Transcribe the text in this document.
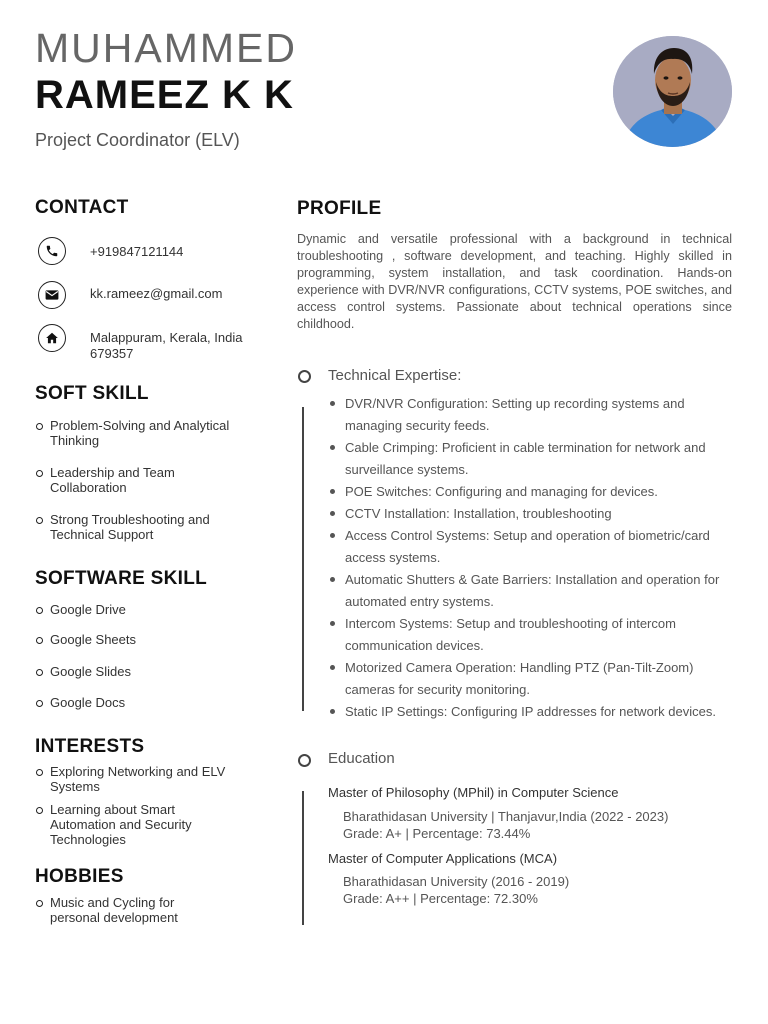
MUHAMMED
RAMEEZ K K
Project Coordinator (ELV)
CONTACT
+919847121144
kk.rameez@gmail.com
Malappuram, Kerala, India 679357
SOFT SKILL
Problem-Solving and Analytical Thinking
Leadership and Team Collaboration
Strong Troubleshooting and Technical Support
SOFTWARE SKILL
Google Drive
Google Sheets
Google Slides
Google Docs
INTERESTS
Exploring Networking and ELV Systems
Learning about Smart Automation and Security Technologies
HOBBIES
Music and Cycling for personal development
PROFILE
Dynamic and versatile professional with a background in technical troubleshooting , software development, and teaching. Highly skilled in programming, system installation, and task coordination. Hands-on experience with DVR/NVR configurations, CCTV systems, POE switches, and access control systems. Passionate about technical operations since childhood.
Technical Expertise:
DVR/NVR Configuration: Setting up recording systems and managing security feeds.
Cable Crimping: Proficient in cable termination for network and surveillance systems.
POE Switches: Configuring and managing for devices.
CCTV Installation: Installation, troubleshooting
Access Control Systems: Setup and operation of biometric/card access systems.
Automatic Shutters & Gate Barriers: Installation and operation for automated entry systems.
Intercom Systems: Setup and troubleshooting of intercom communication devices.
Motorized Camera Operation: Handling PTZ (Pan-Tilt-Zoom) cameras for security monitoring.
Static IP Settings: Configuring IP addresses for network devices.
Education
Master of Philosophy (MPhil) in Computer Science
Bharathidasan University | Thanjavur,India (2022 - 2023)
Grade: A+ | Percentage: 73.44%
Master of Computer Applications (MCA)
Bharathidasan University (2016 - 2019)
Grade: A++ | Percentage: 72.30%
